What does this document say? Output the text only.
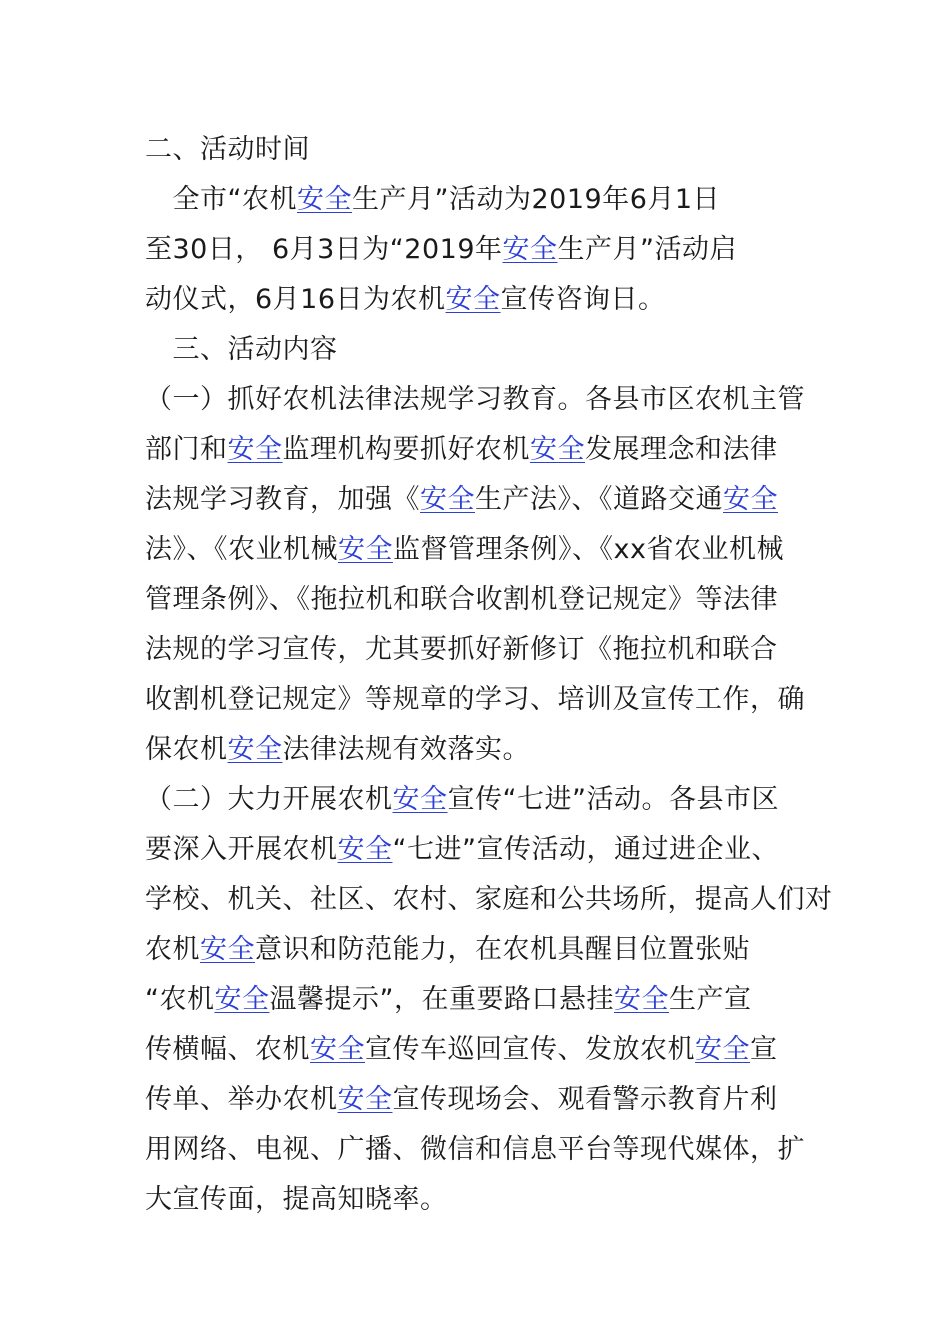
二、活动时间
　全市“农机安全生产月”活动为2019年6月1日
至30日， 6月3日为“2019年安全生产月”活动启
动仪式，6月16日为农机安全宣传咨询日。
　三、活动内容
（一）抓好农机法律法规学习教育。各县市区农机主管
部门和安全监理机构要抓好农机安全发展理念和法律
法规学习教育，加强《安全生产法》、《道路交通安全
法》、《农业机械安全监督管理条例》、《xx省农业机械
管理条例》、《拖拉机和联合收割机登记规定》等法律
法规的学习宣传，尤其要抓好新修订《拖拉机和联合
收割机登记规定》等规章的学习、培训及宣传工作，确
保农机安全法律法规有效落实。
（二）大力开展农机安全宣传“七进”活动。各县市区
要深入开展农机安全“七进”宣传活动，通过进企业、
学校、机关、社区、农村、家庭和公共场所，提高人们对
农机安全意识和防范能力，在农机具醒目位置张贴
“农机安全温馨提示”，在重要路口悬挂安全生产宣
传横幅、农机安全宣传车巡回宣传、发放农机安全宣
传单、举办农机安全宣传现场会、观看警示教育片利
用网络、电视、广播、微信和信息平台等现代媒体，扩
大宣传面，提高知晓率。
